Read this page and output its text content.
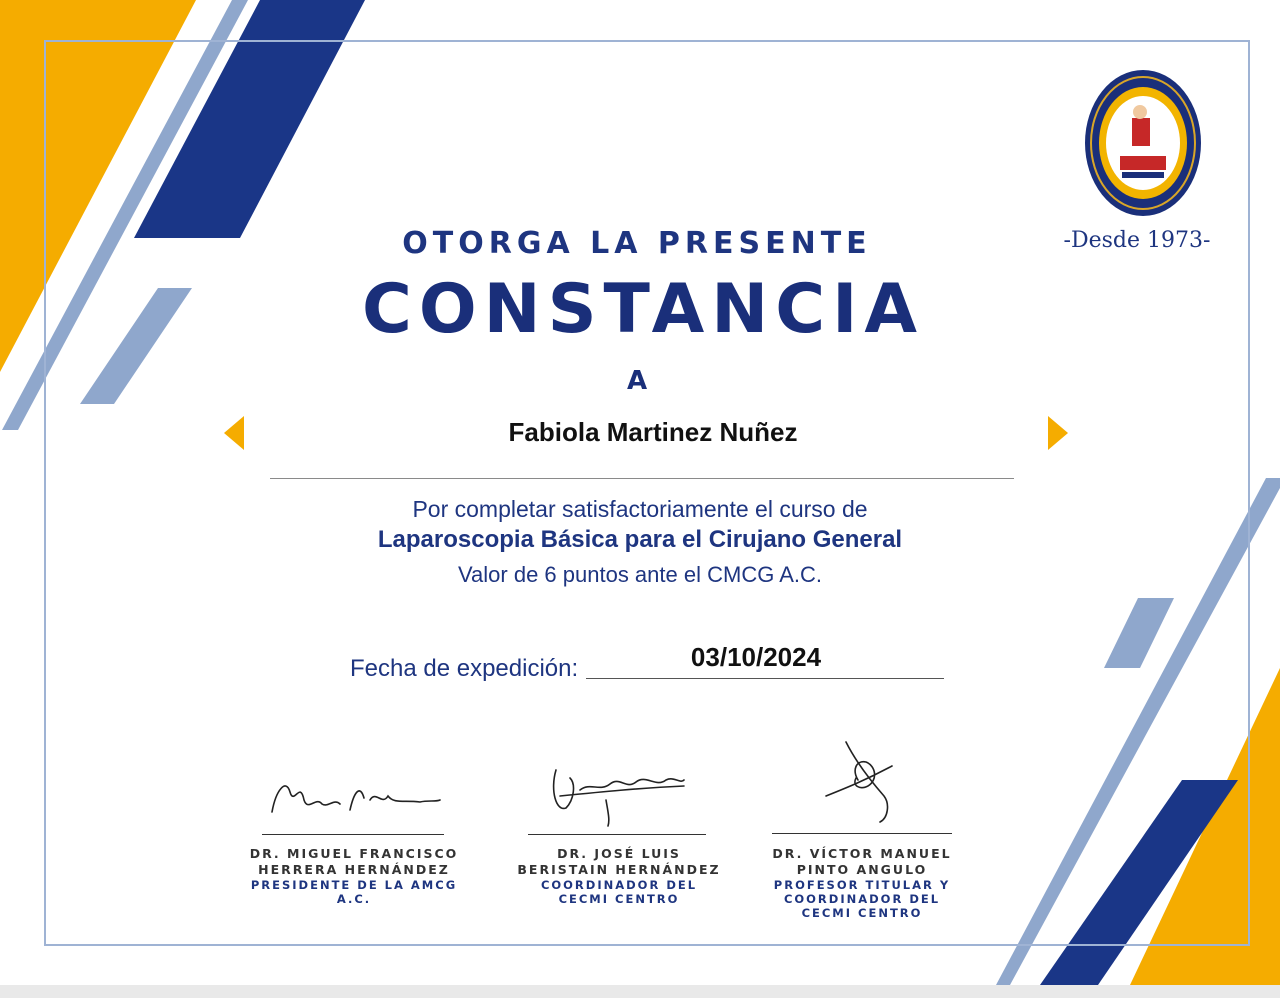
-Desde 1973-

OTORGA LA PRESENTE

CONSTANCIA

A

Fabiola Martinez Nuñez

Por completar satisfactoriamente el curso de

Laparoscopia Básica para el Cirujano General

Valor de 6 puntos ante el CMCG A.C.

Fecha de expedición:	03/10/2024

DR. MIGUEL FRANCISCO
HERRERA HERNÁNDEZ
PRESIDENTE DE LA AMCG A.C.
DR. JOSÉ LUIS
BERISTAIN HERNÁNDEZ
COORDINADOR DEL
CECMI CENTRO
DR. VÍCTOR MANUEL
PINTO ANGULO
PROFESOR TITULAR Y
COORDINADOR DEL
CECMI CENTRO
